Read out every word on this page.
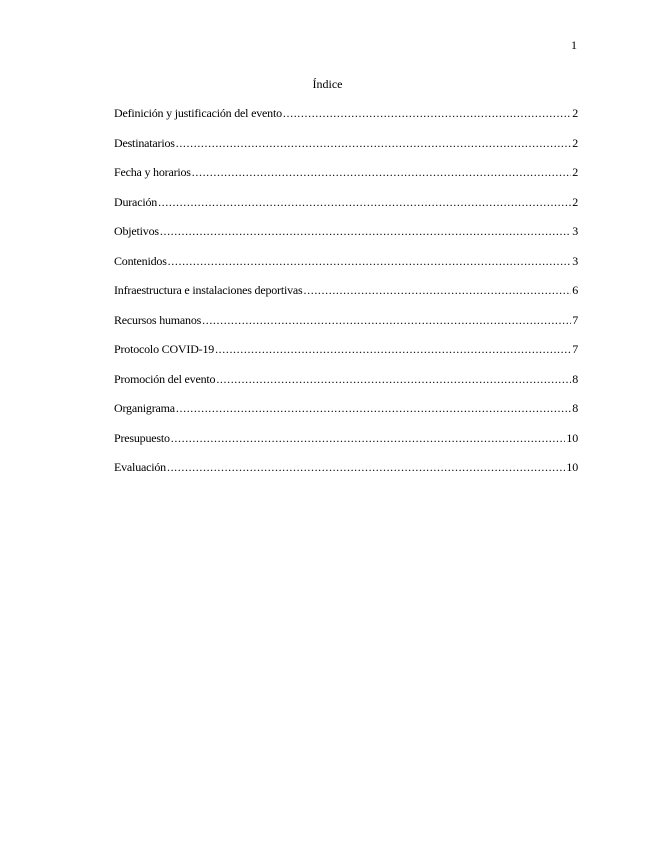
1
Índice
Definición y justificación del evento .....	2
Destinatarios .....	2
Fecha y horarios .....	2
Duración .....	2
Objetivos .....	3
Contenidos .....	3
Infraestructura e instalaciones deportivas .....	6
Recursos humanos .....	7
Protocolo COVID-19 .....	7
Promoción del evento .....	8
Organigrama .....	8
Presupuesto .....	10
Evaluación .....	10
